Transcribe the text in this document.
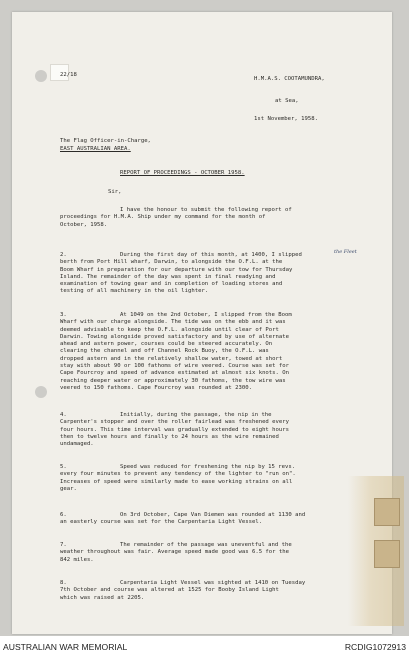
22/18

H.M.A.S. COOTAMUNDRA,

at Sea,

1st November, 1958.

The Flag Officer-in-Charge,

EAST AUSTRALIAN AREA.

REPORT OF PROCEEDINGS - OCTOBER 1958.

Sir,

I have the honour to submit the following report of
proceedings for H.M.A. Ship under my command for the month of
October, 1958.

the Fleet

2.	During the first day of this month, at 1400, I slipped

berth from Port Hill wharf, Darwin, to alongside the O.F.L. at the
Boom Wharf in preparation for our departure with our tow for Thursday
Island. The remainder of the day was spent in final readying and
examination of towing gear and in completion of loading stores and
testing of all machinery in the oil lighter.

3.	At 1049 on the 2nd October, I slipped from the Boom

Wharf with our charge alongside. The tide was on the ebb and it was
deemed advisable to keep the O.F.L. alongside until clear of Port
Darwin. Towing alongside proved satisfactory and by use of alternate
ahead and astern power, courses could be steered accurately. On
clearing the channel and off Channel Rock Buoy, the O.F.L. was
dropped astern and in the relatively shallow water, towed at short
stay with about 90 or 100 fathoms of wire veered. Course was set for
Cape Fourcroy and speed of advance estimated at almost six knots. On
reaching deeper water or approximately 30 fathoms, the tow wire was
veered to 150 fathoms. Cape Fourcroy was rounded at 2300.

4.	Initially, during the passage, the nip in the

Carpenter's stopper and over the roller fairlead was freshened every
four hours. This time interval was gradually extended to eight hours
then to twelve hours and finally to 24 hours as the wire remained
undamaged.

5.	Speed was reduced for freshening the nip by 15 revs.

every four minutes to prevent any tendency of the lighter to "run on".
Increases of speed were similarly made to ease working strains on all
gear.

6.	On 3rd October, Cape Van Diemen was rounded at 1130 and

an easterly course was set for the Carpentaria Light Vessel.

7.	The remainder of the passage was uneventful and the

weather throughout was fair. Average speed made good was 6.5 for the
842 miles.

8.	Carpentaria Light Vessel was sighted at 1410 on Tuesday

7th October and course was altered at 1525 for Booby Island Light
which was raised at 2205.

AUSTRALIAN WAR MEMORIAL	RCDIG1072913
